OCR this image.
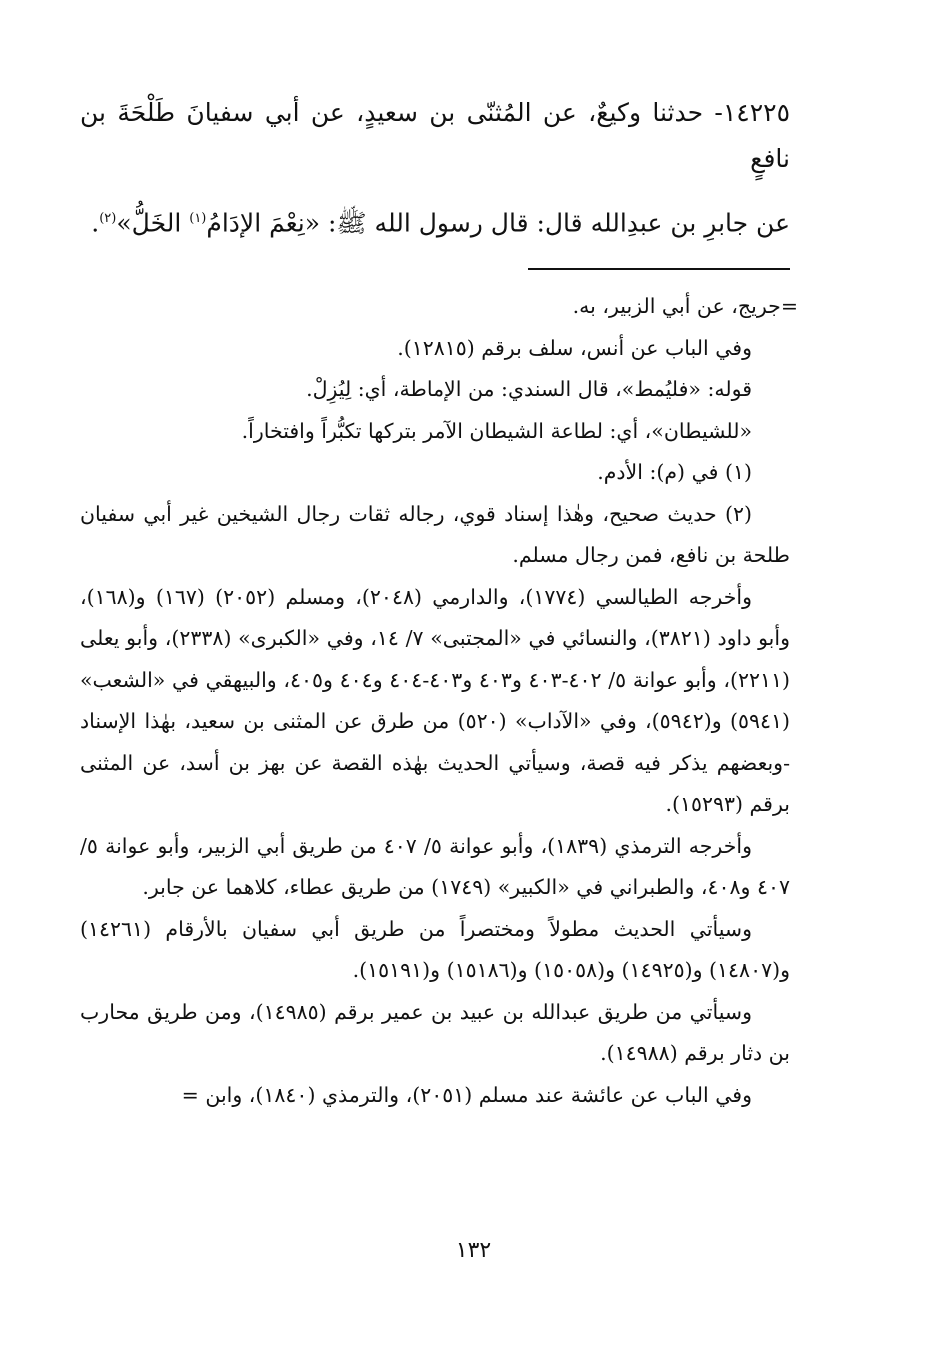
١٤٢٢٥- حدثنا وكيعٌ، عن المُثنّى بن سعيدٍ، عن أبي سفيانَ طَلْحَةَ بن نافعٍ

عن جابرِ بن عبدِالله قال: قال رسول الله ﷺ: «نِعْمَ الإدَامُ$^{(١)}$ الخَلُّ»$^{(٢)}$.

=جريج، عن أبي الزبير، به.

وفي الباب عن أنس، سلف برقم (١٢٨١٥).

قوله: «فليُمط»، قال السندي: من الإماطة، أي: لِيُزِلْ.

«للشيطان»، أي: لطاعة الشيطان الآمر بتركها تكبُّراً وافتخاراً.

(١) في (م): الأدم.

(٢) حديث صحيح، وهٰذا إسناد قوي، رجاله ثقات رجال الشيخين غير أبي سفيان طلحة بن نافع، فمن رجال مسلم.

وأخرجه الطيالسي (١٧٧٤)، والدارمي (٢٠٤٨)، ومسلم (٢٠٥٢) (١٦٧) و(١٦٨)، وأبو داود (٣٨٢١)، والنسائي في «المجتبى» ٧/ ١٤، وفي «الكبرى» (٢٣٣٨)، وأبو يعلى (٢٢١١)، وأبو عوانة ٥/ ٤٠٢-٤٠٣ و٤٠٣ و٤٠٣-٤٠٤ و٤٠٤ و٤٠٥، والبيهقي في «الشعب» (٥٩٤١) و(٥٩٤٢)، وفي «الآداب» (٥٢٠) من طرق عن المثنى بن سعيد، بهٰذا الإسناد -وبعضهم يذكر فيه قصة، وسيأتي الحديث بهٰذه القصة عن بهز بن أسد، عن المثنى برقم (١٥٢٩٣).

وأخرجه الترمذي (١٨٣٩)، وأبو عوانة ٥/ ٤٠٧ من طريق أبي الزبير، وأبو عوانة ٥/ ٤٠٧ و٤٠٨، والطبراني في «الكبير» (١٧٤٩) من طريق عطاء، كلاهما عن جابر.

وسيأتي الحديث مطولاً ومختصراً من طريق أبي سفيان بالأرقام (١٤٢٦١) و(١٤٨٠٧) و(١٤٩٢٥) و(١٥٠٥٨) و(١٥١٨٦) و(١٥١٩١).

وسيأتي من طريق عبدالله بن عبيد بن عمير برقم (١٤٩٨٥)، ومن طريق محارب بن دثار برقم (١٤٩٨٨).

وفي الباب عن عائشة عند مسلم (٢٠٥١)، والترمذي (١٨٤٠)، وابن =

١٣٢
